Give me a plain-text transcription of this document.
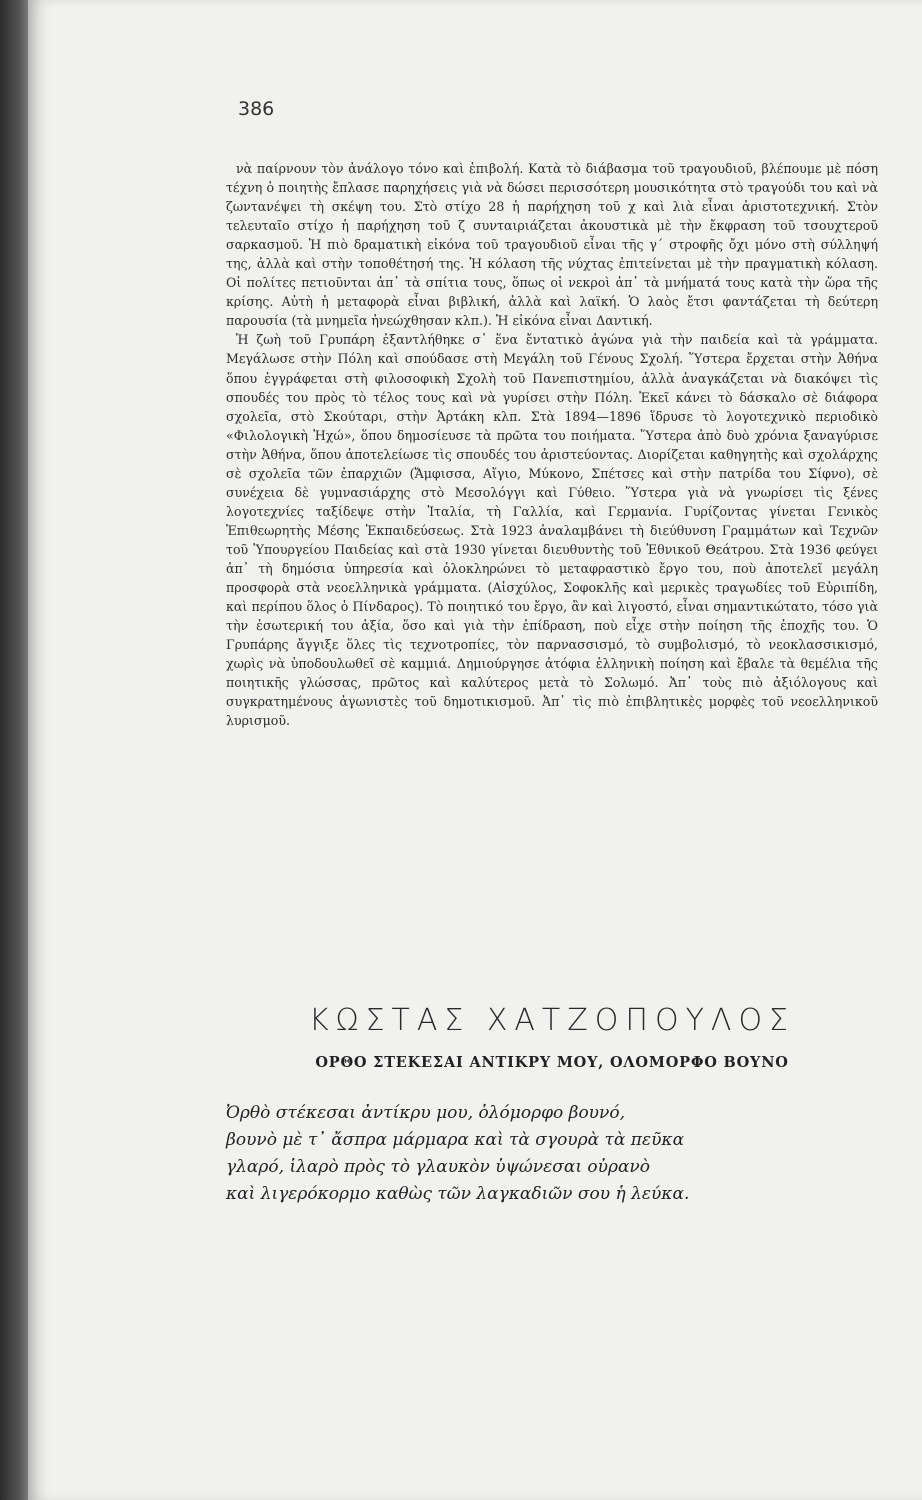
386

νὰ παίρνουν τὸν ἀνάλογο τόνο καὶ ἐπιβολή. Κατὰ τὸ διάβασμα τοῦ τραγουδιοῦ, βλέπουμε μὲ πόση τέχνη ὁ ποιητὴς ἔπλασε παρηχήσεις γιὰ νὰ δώσει περισσότερη μουσικότητα στὸ τραγούδι του καὶ νὰ ζωντανέψει τὴ σκέψη του. Στὸ στίχο 28 ἡ παρήχηση τοῦ χ καὶ λιὰ εἶναι ἀριστοτεχνική. Στὸν τελευταῖο στίχο ἡ παρήχηση τοῦ ζ συνταιριάζεται ἀκουστικὰ μὲ τὴν ἔκφραση τοῦ τσουχτεροῦ σαρκασμοῦ. Ἡ πιὸ δραματικὴ εἰκόνα τοῦ τραγουδιοῦ εἶναι τῆς γ΄ στροφῆς ὄχι μόνο στὴ σύλληψή της, ἀλλὰ καὶ στὴν τοποθέτησή της. Ἡ κόλαση τῆς νύχτας ἐπιτείνεται μὲ τὴν πραγματικὴ κόλαση. Οἱ πολίτες πετιοῦνται ἀπ᾿ τὰ σπίτια τους, ὅπως οἱ νεκροὶ ἀπ᾿ τὰ μνήματά τους κατὰ τὴν ὥρα τῆς κρίσης. Αὐτὴ ἡ μεταφορὰ εἶναι βιβλική, ἀλλὰ καὶ λαϊκή. Ὁ λαὸς ἔτσι φαντάζεται τὴ δεύτερη παρουσία (τὰ μνημεῖα ἠνεώχθησαν κλπ.). Ἡ εἰκόνα εἶναι Δαντική.

Ἡ ζωὴ τοῦ Γρυπάρη ἐξαντλήθηκε σ᾿ ἕνα ἔντατικὸ ἀγώνα γιὰ τὴν παιδεία καὶ τὰ γράμματα. Μεγάλωσε στὴν Πόλη καὶ σπούδασε στὴ Μεγάλη τοῦ Γένους Σχολή. Ὕστερα ἔρχεται στὴν Ἀθήνα ὅπου ἐγγράφεται στὴ φιλοσοφικὴ Σχολὴ τοῦ Πανεπιστημίου, ἀλλὰ ἀναγκάζεται νὰ διακόψει τὶς σπουδές του πρὸς τὸ τέλος τους καὶ νὰ γυρίσει στὴν Πόλη. Ἐκεῖ κάνει τὸ δάσκαλο σὲ διάφορα σχολεῖα, στὸ Σκούταρι, στὴν Ἀρτάκη κλπ. Στὰ 1894—1896 ἵδρυσε τὸ λογοτεχνικὸ περιοδικὸ «Φιλολογικὴ Ἠχώ», ὅπου δημοσίευσε τὰ πρῶτα του ποιήματα. Ὕστερα ἀπὸ δυὸ χρόνια ξαναγύρισε στὴν Ἀθήνα, ὅπου ἀποτελείωσε τὶς σπουδές του ἀριστεύοντας. Διορίζεται καθηγητὴς καὶ σχολάρχης σὲ σχολεῖα τῶν ἐπαρχιῶν (Ἄμφισσα, Αἴγιο, Μύκονο, Σπέτσες καὶ στὴν πατρίδα του Σίφνο), σὲ συνέχεια δὲ γυμνασιάρχης στὸ Μεσολόγγι καὶ Γύθειο. Ὕστερα γιὰ νὰ γνωρίσει τὶς ξένες λογοτεχνίες ταξίδεψε στὴν Ἰταλία, τὴ Γαλλία, καὶ Γερμανία. Γυρίζοντας γίνεται Γενικὸς Ἐπιθεωρητὴς Μέσης Ἐκπαιδεύσεως. Στὰ 1923 ἀναλαμβάνει τὴ διεύθυνση Γραμμάτων καὶ Τεχνῶν τοῦ Ὑπουργείου Παιδείας καὶ στὰ 1930 γίνεται διευθυντὴς τοῦ Ἐθνικοῦ Θεάτρου. Στὰ 1936 φεύγει ἀπ᾿ τὴ δημόσια ὑπηρεσία καὶ ὁλοκληρώνει τὸ μεταφραστικὸ ἔργο του, ποὺ ἀποτελεῖ μεγάλη προσφορὰ στὰ νεοελληνικὰ γράμματα. (Αἰσχύλος, Σοφοκλῆς καὶ μερικὲς τραγωδίες τοῦ Εὐριπίδη, καὶ περίπου ὅλος ὁ Πίνδαρος). Τὸ ποιητικό του ἔργο, ἂν καὶ λιγοστό, εἶναι σημαντικώτατο, τόσο γιὰ τὴν ἐσωτερική του ἀξία, ὅσο καὶ γιὰ τὴν ἐπίδραση, ποὺ εἶχε στὴν ποίηση τῆς ἐποχῆς του. Ὁ Γρυπάρης ἄγγιξε ὅλες τὶς τεχνοτροπίες, τὸν παρνασσισμό, τὸ συμβολισμό, τὸ νεοκλασσικισμό, χωρὶς νὰ ὑποδουλωθεῖ σὲ καμμιά. Δημιούργησε ἀτόφια ἑλληνικὴ ποίηση καὶ ἔβαλε τὰ θεμέλια τῆς ποιητικῆς γλώσσας, πρῶτος καὶ καλύτερος μετὰ τὸ Σολωμό. Ἀπ᾿ τοὺς πιὸ ἀξιόλογους καὶ συγκρατημένους ἀγωνιστὲς τοῦ δημοτικισμοῦ. Ἀπ᾿ τὶς πιὸ ἐπιβλητικὲς μορφὲς τοῦ νεοελληνικοῦ λυρισμοῦ.

ΚΩΣΤΑΣ ΧΑΤΖΟΠΟΥΛΟΣ
ΟΡΘΟ ΣΤΕΚΕΣΑΙ ΑΝΤΙΚΡΥ ΜΟΥ, ΟΛΟΜΟΡΦΟ ΒΟΥΝΟ
Ὀρθὸ στέκεσαι ἀντίκρυ μου, ὁλόμορφο βουνό,
βουνὸ μὲ τ᾿ ἄσπρα μάρμαρα καὶ τὰ σγουρὰ τὰ πεῦκα
γλαρό, ἱλαρὸ πρὸς τὸ γλαυκὸν ὑψώνεσαι οὐρανὸ
καὶ λιγερόκορμο καθὼς τῶν λαγκαδιῶν σου ἡ λεύκα.
